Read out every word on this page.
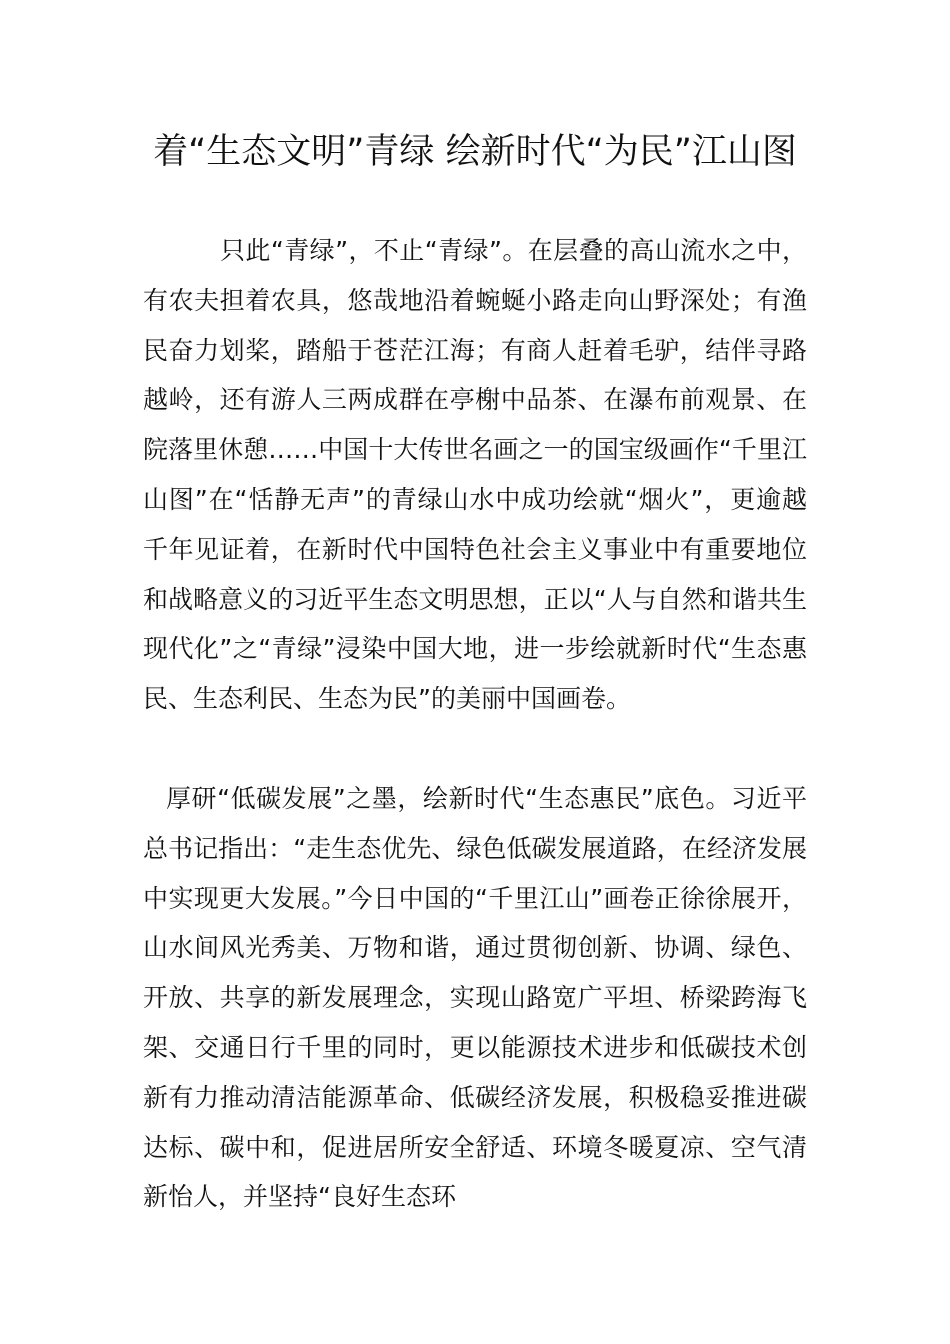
着“生态文明”青绿 绘新时代“为民”江山图

只此“青绿”，不止“青绿”。在层叠的高山流水之中，有农夫担着农具，悠哉地沿着蜿蜒小路走向山野深处；有渔民奋力划桨，踏船于苍茫江海；有商人赶着毛驴，结伴寻路越岭，还有游人三两成群在亭榭中品茶、在瀑布前观景、在院落里休憩……中国十大传世名画之一的国宝级画作“千里江山图”在“恬静无声”的青绿山水中成功绘就“烟火”，更逾越千年见证着，在新时代中国特色社会主义事业中有重要地位和战略意义的习近平生态文明思想，正以“人与自然和谐共生现代化”之“青绿”浸染中国大地，进一步绘就新时代“生态惠民、生态利民、生态为民”的美丽中国画卷。

厚研“低碳发展”之墨，绘新时代“生态惠民”底色。习近平总书记指出：“走生态优先、绿色低碳发展道路，在经济发展中实现更大发展。”今日中国的“千里江山”画卷正徐徐展开，山水间风光秀美、万物和谐，通过贯彻创新、协调、绿色、开放、共享的新发展理念，实现山路宽广平坦、桥梁跨海飞架、交通日行千里的同时，更以能源技术进步和低碳技术创新有力推动清洁能源革命、低碳经济发展，积极稳妥推进碳达标、碳中和，促进居所安全舒适、环境冬暖夏凉、空气清新怡人，并坚持“良好生态环
